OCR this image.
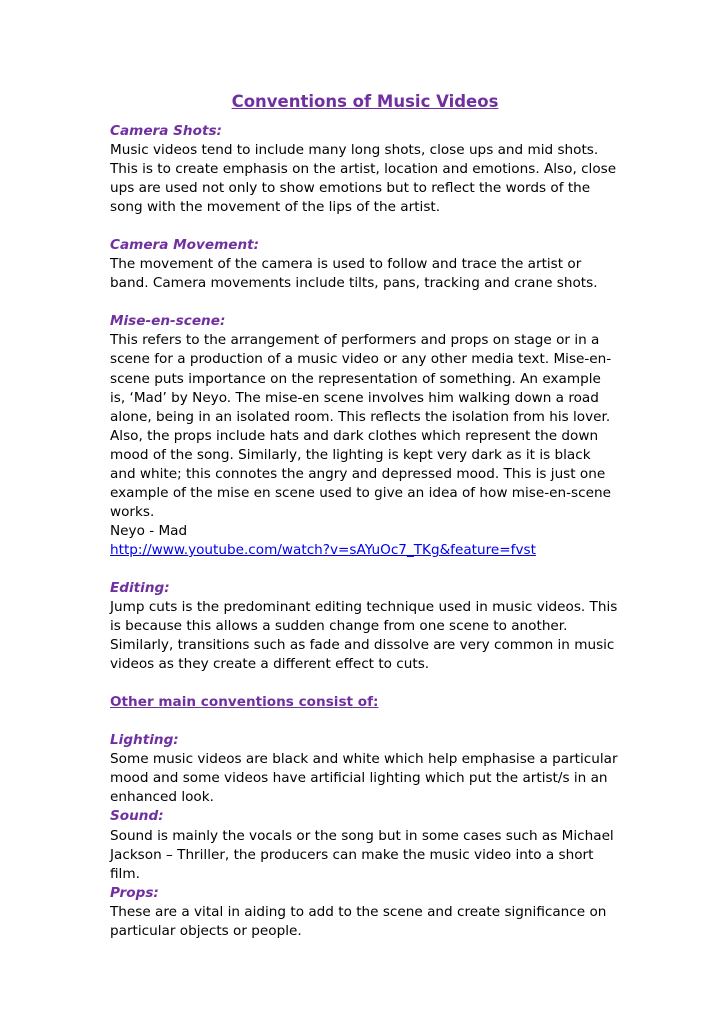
Conventions of Music Videos
Camera Shots:
Music videos tend to include many long shots, close ups and mid shots. This is to create emphasis on the artist, location and emotions. Also, close ups are used not only to show emotions but to reflect the words of the song with the movement of the lips of the artist.
Camera Movement:
The movement of the camera is used to follow and trace the artist or band. Camera movements include tilts, pans, tracking and crane shots.
Mise-en-scene:
This refers to the arrangement of performers and props on stage or in a scene for a production of a music video or any other media text. Mise-en-scene puts importance on the representation of something. An example is, ‘Mad’ by Neyo. The mise-en scene involves him walking down a road alone, being in an isolated room. This reflects the isolation from his lover. Also, the props include hats and dark clothes which represent the down mood of the song. Similarly, the lighting is kept very dark as it is black and white; this connotes the angry and depressed mood. This is just one example of the mise en scene used to give an idea of how mise-en-scene works.
Neyo - Mad
http://www.youtube.com/watch?v=sAYuOc7_TKg&feature=fvst
Editing:
Jump cuts is the predominant editing technique used in music videos. This is because this allows a sudden change from one scene to another. Similarly, transitions such as fade and dissolve are very common in music videos as they create a different effect to cuts.
Other main conventions consist of:
Lighting:
Some music videos are black and white which help emphasise a particular mood and some videos have artificial lighting which put the artist/s in an enhanced look.
Sound:
Sound is mainly the vocals or the song but in some cases such as Michael Jackson – Thriller, the producers can make the music video into a short film.
Props:
These are a vital in aiding to add to the scene and create significance on particular objects or people.
